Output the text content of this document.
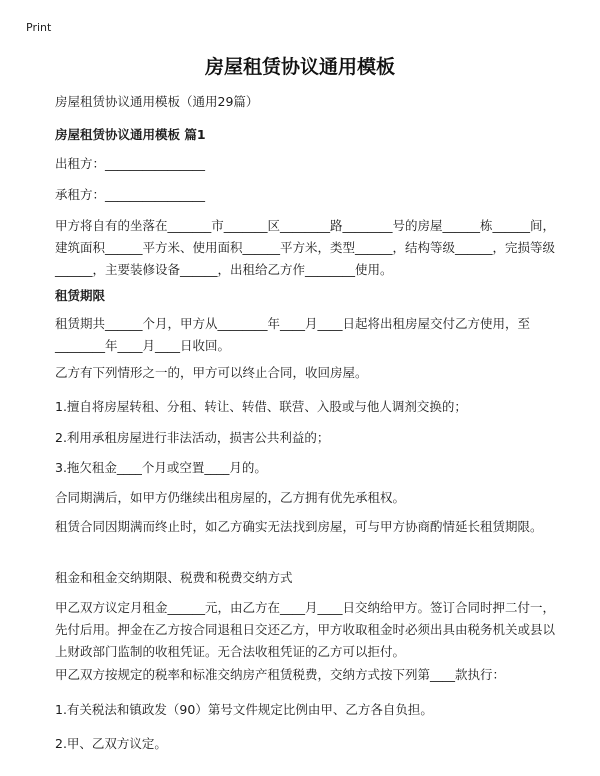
Print
房屋租赁协议通用模板
房屋租赁协议通用模板（通用29篇）
房屋租赁协议通用模板 篇1
出租方：________________
承租方：________________
甲方将自有的坐落在_______市_______区________路________号的房屋______栋______间，建筑面积______平方米、使用面积______平方米，类型______，结构等级______，完损等级______，主要装修设备______，出租给乙方作________使用。
租赁期限
租赁期共______个月，甲方从________年____月____日起将出租房屋交付乙方使用，至________年____月____日收回。
乙方有下列情形之一的，甲方可以终止合同，收回房屋。
1.擅自将房屋转租、分租、转让、转借、联营、入股或与他人调剂交换的；
2.利用承租房屋进行非法活动，损害公共利益的；
3.拖欠租金____个月或空置____月的。
合同期满后，如甲方仍继续出租房屋的，乙方拥有优先承租权。
租赁合同因期满而终止时，如乙方确实无法找到房屋，可与甲方协商酌情延长租赁期限。
租金和租金交纳期限、税费和税费交纳方式
甲乙双方议定月租金______元，由乙方在____月____日交纳给甲方。签订合同时押二付一，先付后用。押金在乙方按合同退租日交还乙方，甲方收取租金时必须出具由税务机关或县以上财政部门监制的收租凭证。无合法收租凭证的乙方可以拒付。
甲乙双方按规定的税率和标准交纳房产租赁税费，交纳方式按下列第____款执行：
1.有关税法和镇政发（90）第号文件规定比例由甲、乙方各自负担。
2.甲、乙双方议定。
